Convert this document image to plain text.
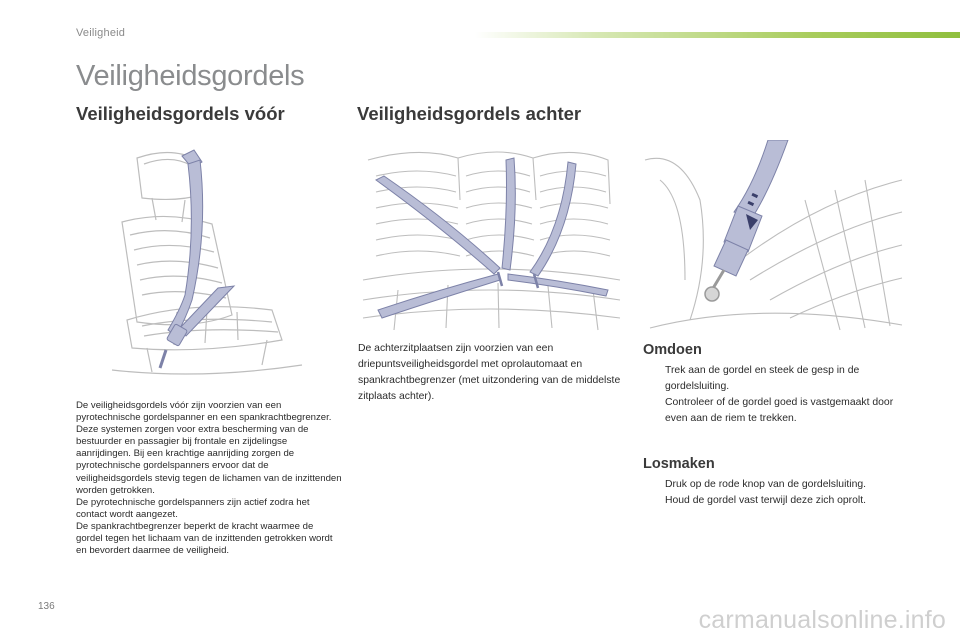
Veiligheid
Veiligheidsgordels
Veiligheidsgordels vóór	Veiligheidsgordels achter

De veiligheidsgordels vóór zijn voorzien van een pyrotechnische gordelspanner en een spankrachtbegrenzer.

Deze systemen zorgen voor extra bescherming van de bestuurder en passagier bij frontale en zijdelingse aanrijdingen. Bij een krachtige aanrijding zorgen de pyrotechnische gordelspanners ervoor dat de veiligheidsgordels stevig tegen de lichamen van de inzittenden worden getrokken.

De pyrotechnische gordelspanners zijn actief zodra het contact wordt aangezet.

De spankrachtbegrenzer beperkt de kracht waarmee de gordel tegen het lichaam van de inzittenden getrokken wordt en bevordert daarmee de veiligheid.

De achterzitplaatsen zijn voorzien van een driepuntsveiligheidsgordel met oprolautomaat en spankrachtbegrenzer (met uitzondering van de middelste zitplaats achter).

Omdoen
Trek aan de gordel en steek de gesp in de gordelsluiting.
Controleer of de gordel goed is vastgemaakt door even aan de riem te trekken.
Losmaken
Druk op de rode knop van de gordelsluiting.
Houd de gordel vast terwijl deze zich oprolt.
136	carmanualsonline.info
